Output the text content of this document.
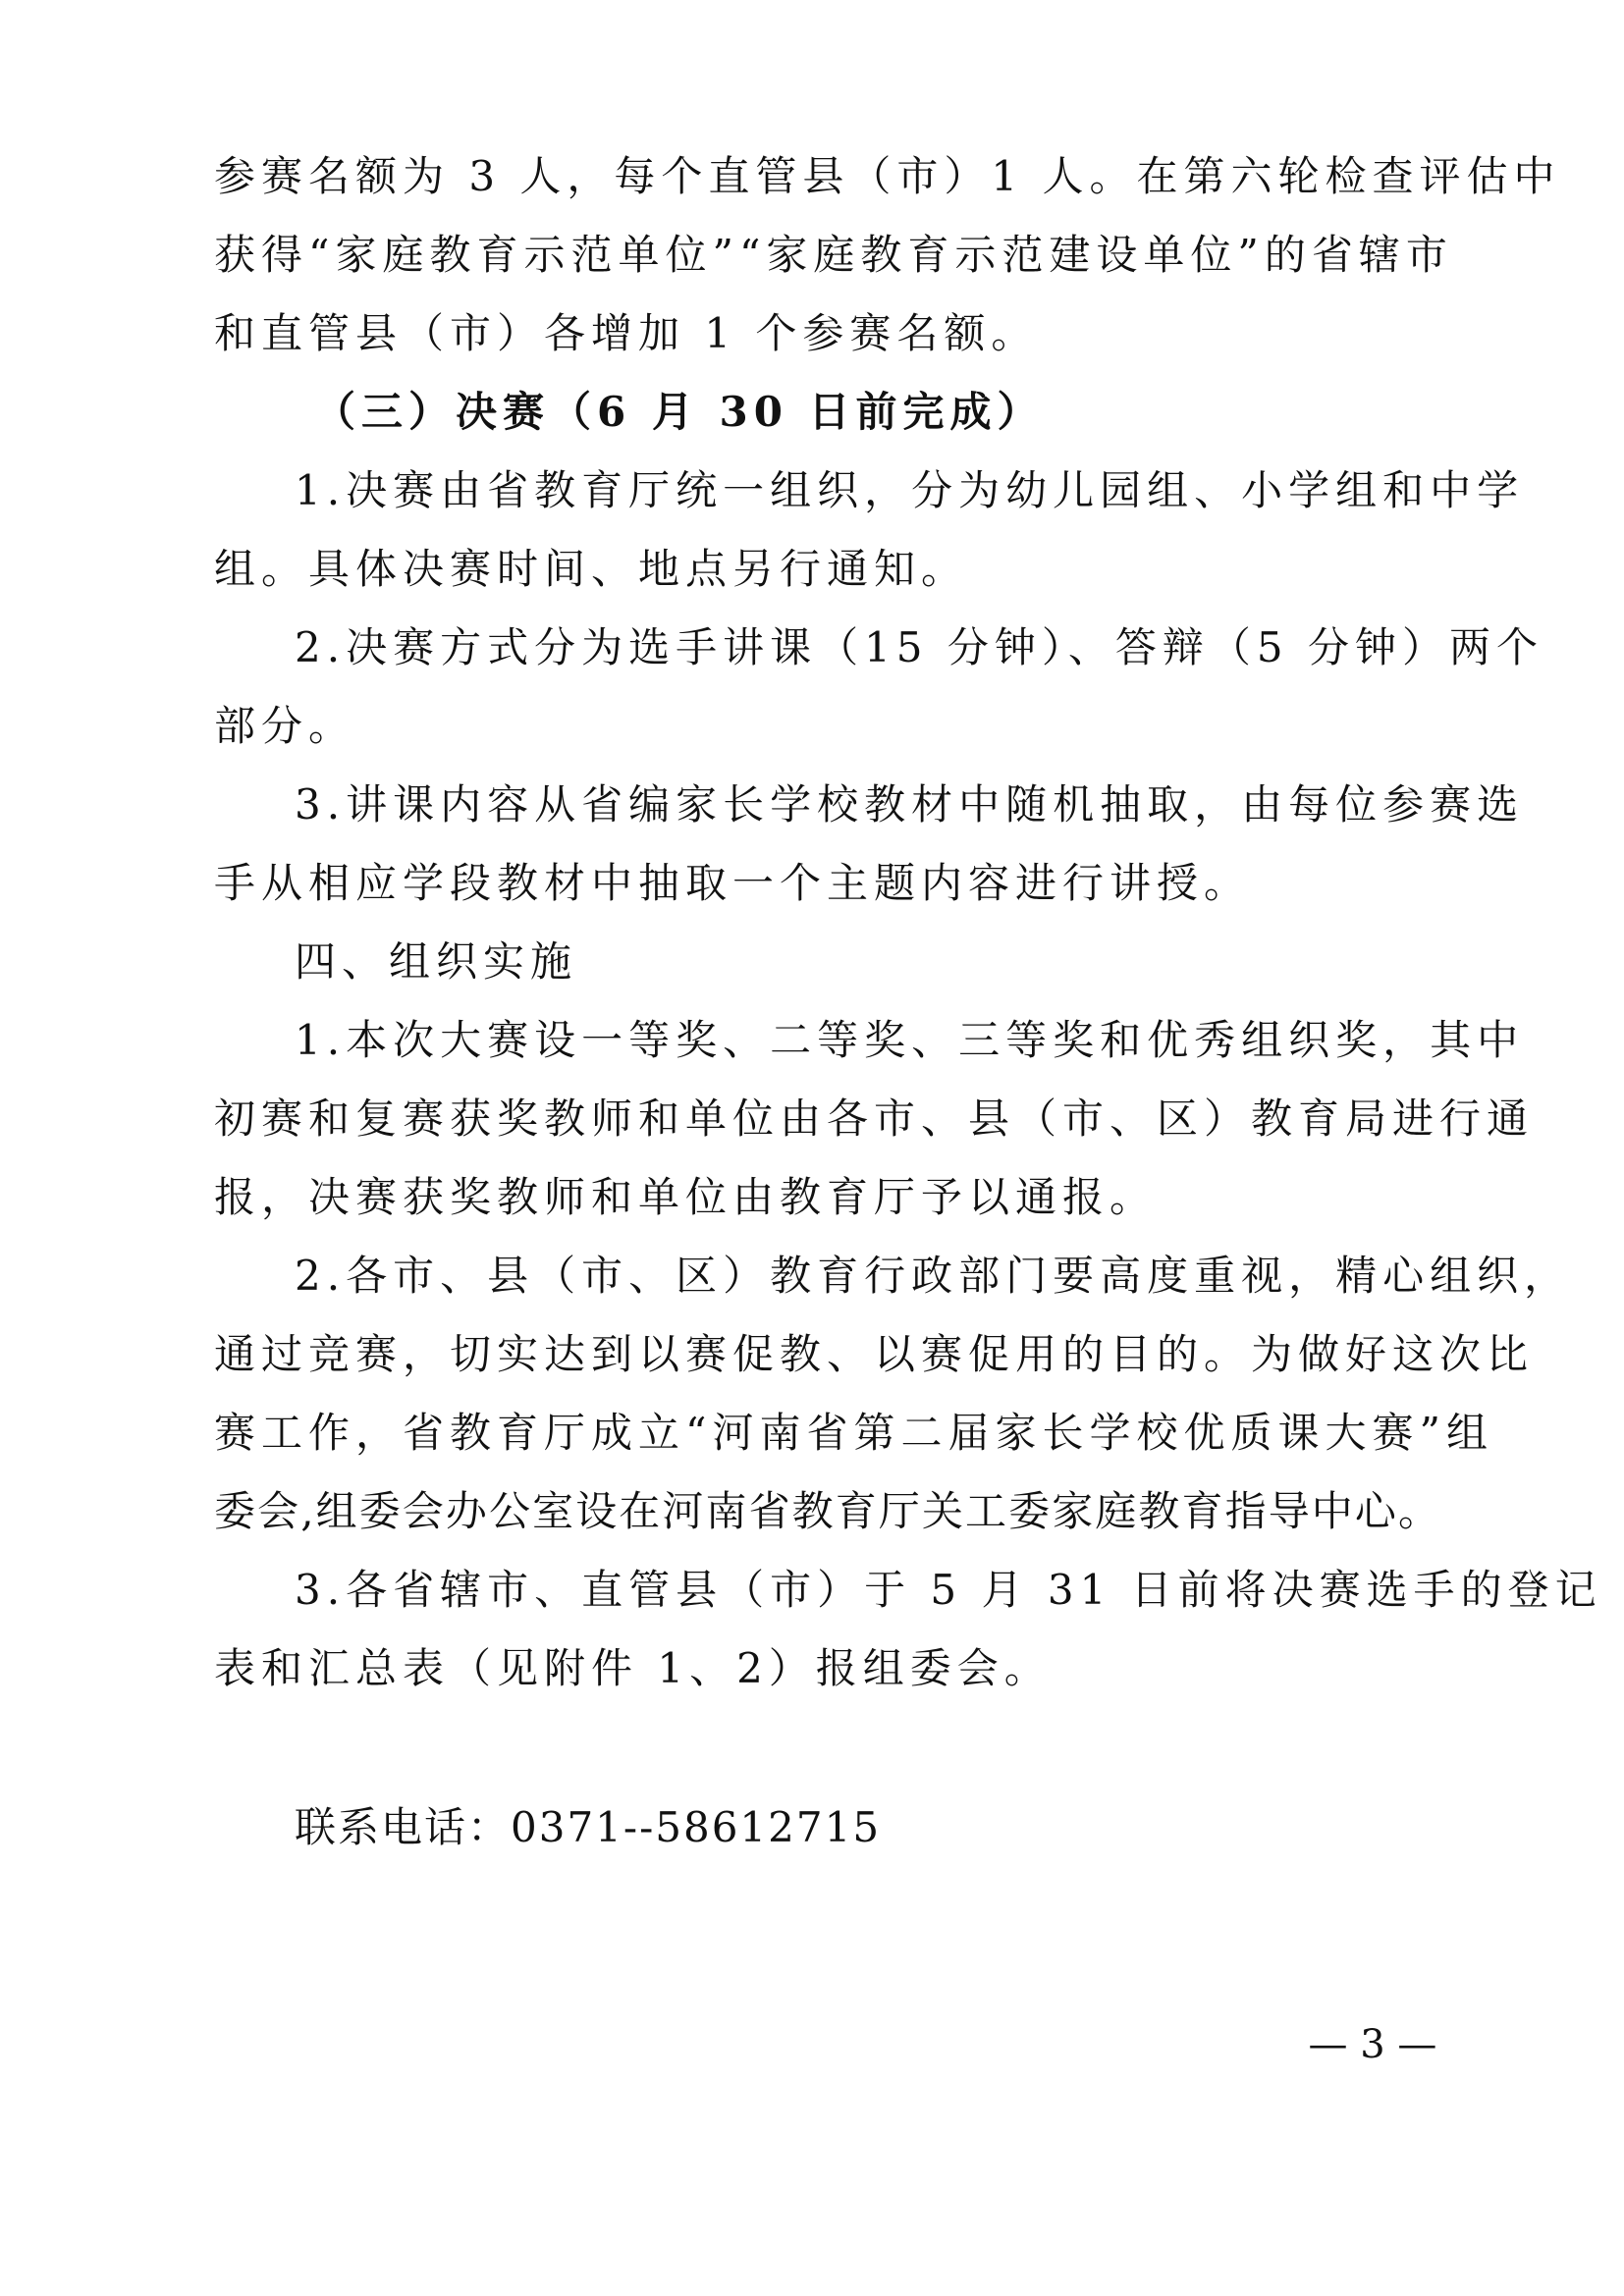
参赛名额为 3 人，每个直管县（市）1 人。在第六轮检查评估中
获得“家庭教育示范单位”“家庭教育示范建设单位”的省辖市
和直管县（市）各增加 1 个参赛名额。
（三）决赛（6 月 30 日前完成）
1.决赛由省教育厅统一组织，分为幼儿园组、小学组和中学
组。具体决赛时间、地点另行通知。
2.决赛方式分为选手讲课（15 分钟）、答辩（5 分钟）两个
部分。
3.讲课内容从省编家长学校教材中随机抽取，由每位参赛选
手从相应学段教材中抽取一个主题内容进行讲授。
四、组织实施
1.本次大赛设一等奖、二等奖、三等奖和优秀组织奖，其中
初赛和复赛获奖教师和单位由各市、县（市、区）教育局进行通
报，决赛获奖教师和单位由教育厅予以通报。
2.各市、县（市、区）教育行政部门要高度重视，精心组织，
通过竞赛，切实达到以赛促教、以赛促用的目的。为做好这次比
赛工作，省教育厅成立“河南省第二届家长学校优质课大赛”组
委会,组委会办公室设在河南省教育厅关工委家庭教育指导中心。
3.各省辖市、直管县（市）于 5 月 31 日前将决赛选手的登记
表和汇总表（见附件 1、2）报组委会。
联系电话：0371--58612715
— 3 —
